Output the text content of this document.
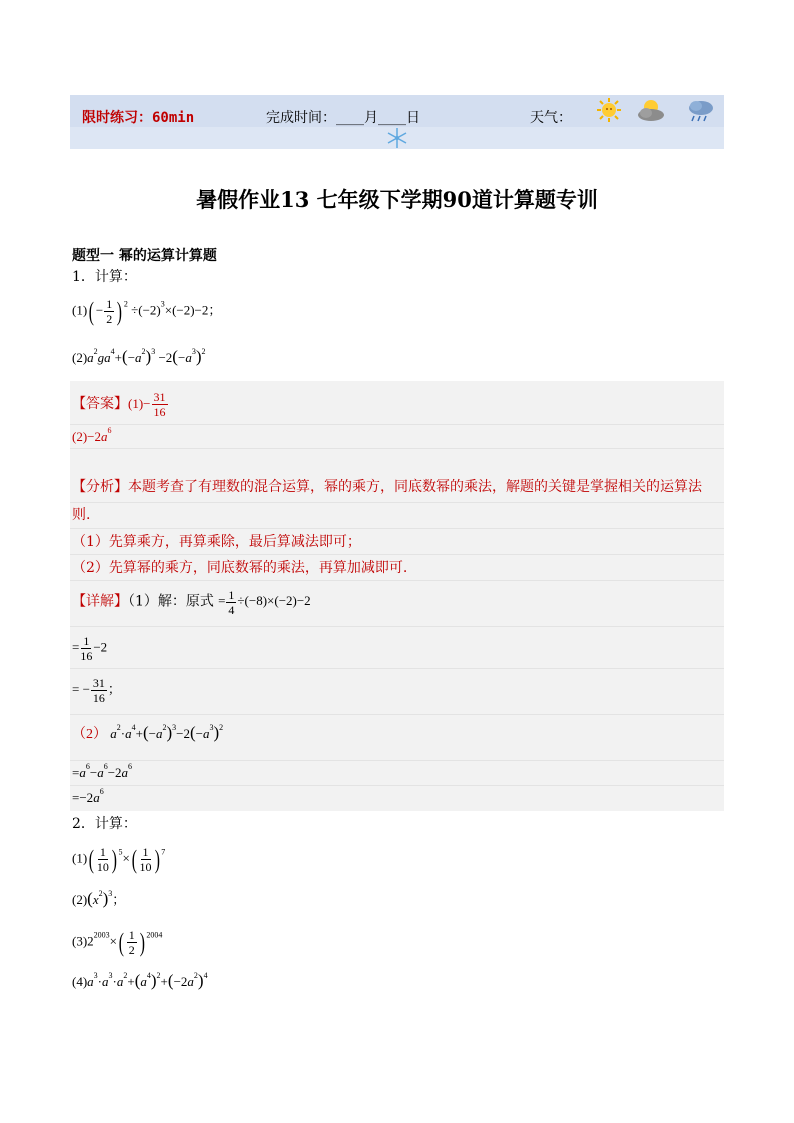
限时练习：60min	完成时间：____月____日	天气：
暑假作业13 七年级下学期90道计算题专训
题型一 幂的运算计算题
1．计算：
$(1)( - \frac{1}{2}$ ) $^2 \div(-2)^3\times(-2)-2$；
$(2)a^2ga^4+(-a^2)^3 -2(-a^3)^2$
【答案】$(1)- \frac{31}{16}$
$(2)-2a^6$
【分析】本题考查了有理数的混合运算，幂的乘方，同底数幂的乘法，解题的关键是掌握相关的运算法
则.
（1）先算乘方，再算乘除，最后算减法即可；
（2）先算幂的乘方，同底数幂的乘法，再算加减即可.
【详解】（1）解：原式 = $\frac{1}{4} \div(-8)\times(-2)-2$
= $\frac{1}{16} -2$
= − $\frac{31}{16}$ ；
（2） $a^2\cdot a^4+(-a^2)^3-2(-a^3)^2$
$=a^6-a^6-2a^6$
$=-2a^6$
2．计算：
$(1)( \frac{1}{10}$ ) $^5\times( \frac{1}{10}$ ) $^7$
$(2)(x^2)^3$；
$(3)2^{2003}\times( \frac{1}{2}$ ) $^{2004}$
$(4)a^3\cdot a^3\cdot a^2+(a^4)^2+(-2a^2)^4$
